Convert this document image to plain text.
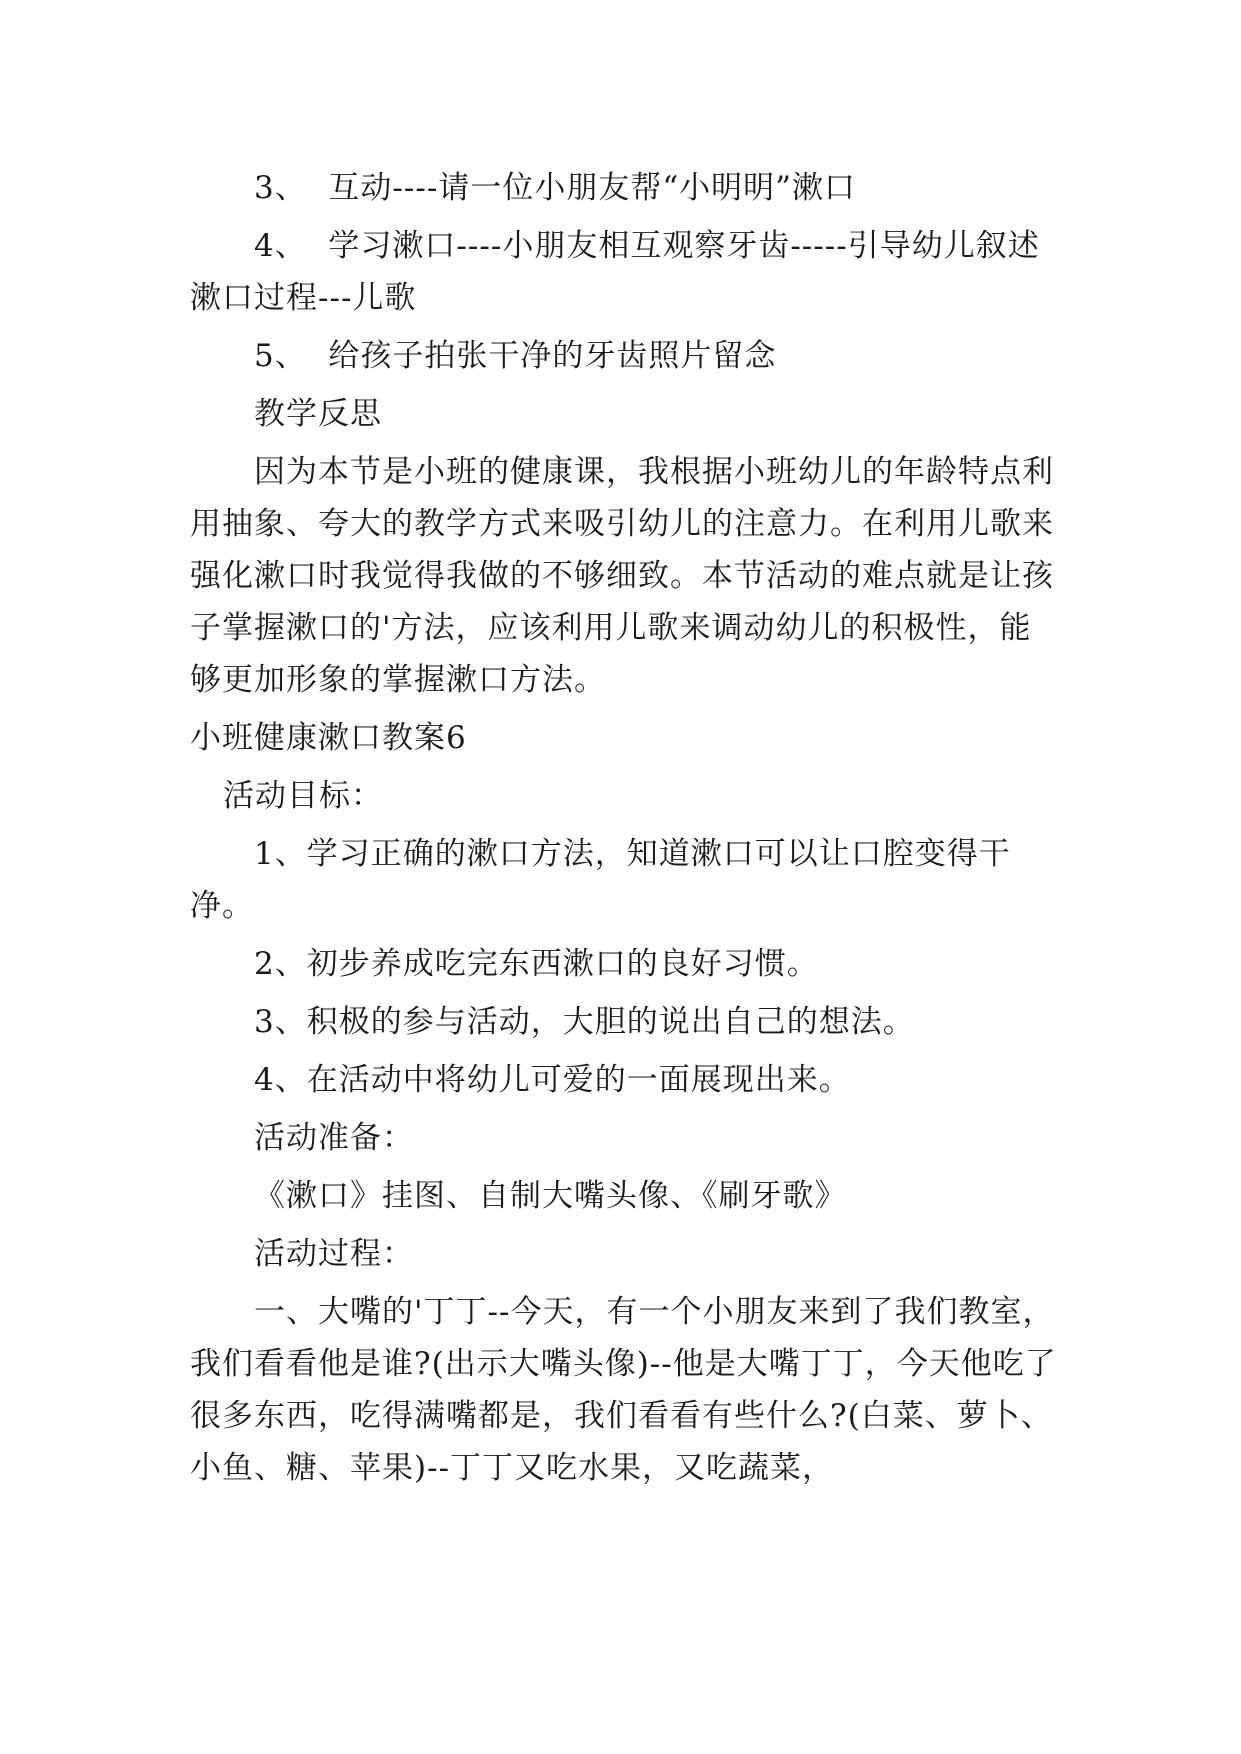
3、  互动----请一位小朋友帮“小明明”漱口

4、  学习漱口----小朋友相互观察牙齿-----引导幼儿叙述漱口过程---儿歌

5、  给孩子拍张干净的牙齿照片留念

教学反思

因为本节是小班的健康课，我根据小班幼儿的年龄特点利用抽象、夸大的教学方式来吸引幼儿的注意力。在利用儿歌来强化漱口时我觉得我做的不够细致。本节活动的难点就是让孩子掌握漱口的'方法，应该利用儿歌来调动幼儿的积极性，能够更加形象的掌握漱口方法。

小班健康漱口教案6

活动目标：

1、学习正确的漱口方法，知道漱口可以让口腔变得干净。

2、初步养成吃完东西漱口的良好习惯。

3、积极的参与活动，大胆的说出自己的想法。

4、在活动中将幼儿可爱的一面展现出来。

活动准备：

《漱口》挂图、自制大嘴头像、《刷牙歌》

活动过程：

一、大嘴的'丁丁--今天，有一个小朋友来到了我们教室，我们看看他是谁?(出示大嘴头像)--他是大嘴丁丁，今天他吃了很多东西，吃得满嘴都是，我们看看有些什么?(白菜、萝卜、小鱼、糖、苹果)--丁丁又吃水果，又吃蔬菜，
